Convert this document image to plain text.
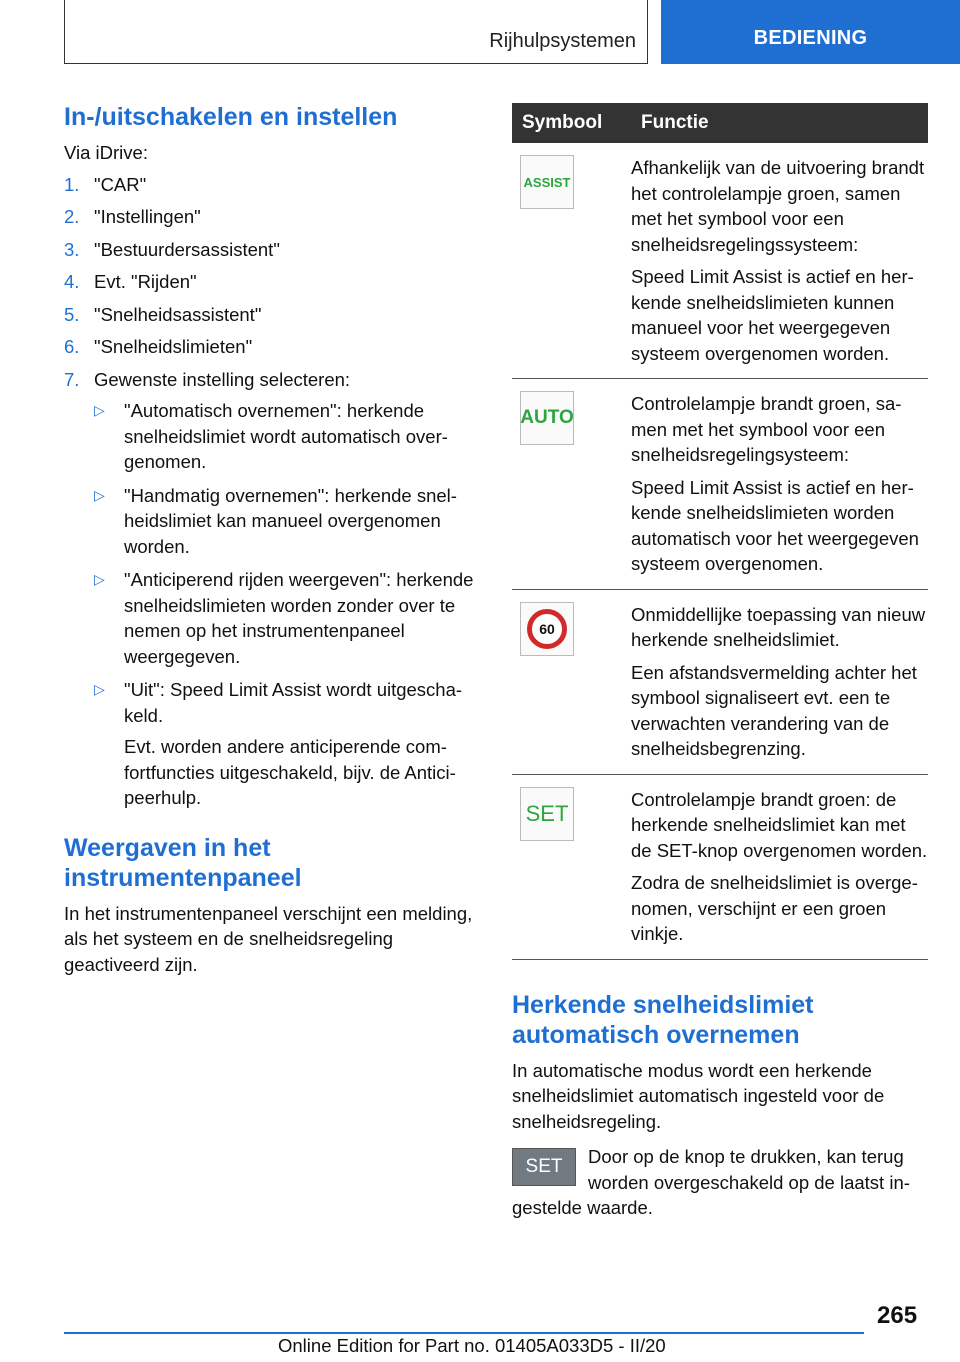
Rijhulpsystemen	BEDIENING
In-/uitschakelen en instellen

Via iDrive:

1. "CAR"
2. "Instellingen"
3. "Bestuurdersassistent"
4. Evt. "Rijden"
5. "Snelheidsassistent"
6. "Snelheidslimieten"
7. Gewenste instelling selecteren:
▷ "Automatisch overnemen": herkende snelheidslimiet wordt automatisch overgenomen.
▷ "Handmatig overnemen": herkende snelheidslimiet kan manueel overgenomen worden.
▷ "Anticiperend rijden weergeven": herkende snelheidslimieten worden zonder over te nemen op het instrumentenpaneel weergegeven.
▷ "Uit": Speed Limit Assist wordt uitgeschakeld.
Evt. worden andere anticiperende comfortfuncties uitgeschakeld, bijv. de Anticipeerhulp.
Weergaven in het instrumentenpaneel

In het instrumentenpaneel verschijnt een melding, als het systeem en de snelheidsregeling geactiveerd zijn.

Symbool	Functie

ASSIST	Afhankelijk van de uitvoering brandt het controlelampje groen, samen met het symbool voor een snelheidsregelingssysteem:

Speed Limit Assist is actief en herkende snelheidslimieten kunnen manueel voor het weergegeven systeem overgenomen worden.

AUTO	Controlelampje brandt groen, samen met het symbool voor een snelheidsregelingsysteem:

Speed Limit Assist is actief en herkende snelheidslimieten worden automatisch voor het weergegeven systeem overgenomen.

60	Onmiddellijke toepassing van nieuw herkende snelheidslimiet.

Een afstandsvermelding achter het symbool signaliseert evt. een te verwachten verandering van de snelheidsbegrenzing.

SET	Controlelampje brandt groen: de herkende snelheidslimiet kan met de SET-knop overgenomen worden.

Zodra de snelheidslimiet is overgenomen, verschijnt er een groen vinkje.

Herkende snelheidslimiet automatisch overnemen

In automatische modus wordt een herkende snelheidslimiet automatisch ingesteld voor de snelheidsregeling.

SET	Door op de knop te drukken, kan terug worden overgeschakeld op de laatst ingestelde waarde.

265
Online Edition for Part no. 01405A033D5 - II/20
